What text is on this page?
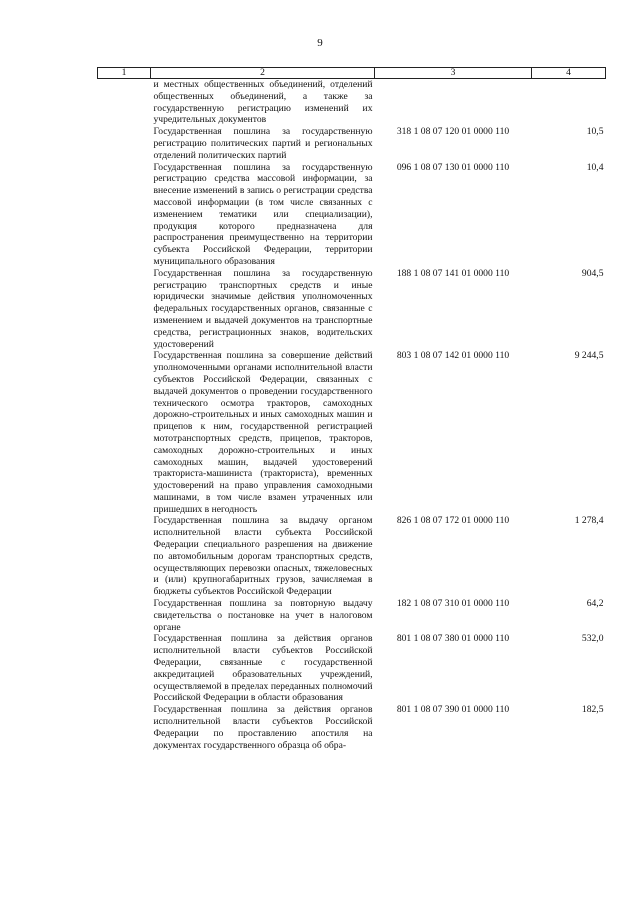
9
1	2	3	4
	и местных общественных объединений, отделений общественных объединений, а также за государственную регистрацию изменений их учредительных документов		
	Государственная пошлина за государственную регистрацию политических партий и региональных отделений политических партий	318 1 08 07 120 01 0000 110	10,5
	Государственная пошлина за государственную регистрацию средства массовой информации, за внесение изменений в запись о регистрации средства массовой информации (в том числе связанных с изменением тематики или специализации), продукция которого предназначена для распространения преимущественно на территории субъекта Российской Федерации, территории муниципального образования	096 1 08 07 130 01 0000 110	10,4
	Государственная пошлина за государственную регистрацию транспортных средств и иные юридически значимые действия уполномоченных федеральных государственных органов, связанные с изменением и выдачей документов на транспортные средства, регистрационных знаков, водительских удостоверений	188 1 08 07 141 01 0000 110	904,5
	Государственная пошлина за совершение действий уполномоченными органами исполнительной власти субъектов Российской Федерации, связанных с выдачей документов о проведении государственного технического осмотра тракторов, самоходных дорожно-строительных и иных самоходных машин и прицепов к ним, государственной регистрацией мототранспортных средств, прицепов, тракторов, самоходных дорожно-строительных и иных самоходных машин, выдачей удостоверений тракториста-машиниста (тракториста), временных удостоверений на право управления самоходными машинами, в том числе взамен утраченных или пришедших в негодность	803 1 08 07 142 01 0000 110	9 244,5
	Государственная пошлина за выдачу органом исполнительной власти субъекта Российской Федерации специального разрешения на движение по автомобильным дорогам транспортных средств, осуществляющих перевозки опасных, тяжеловесных и (или) крупногабаритных грузов, зачисляемая в бюджеты субъектов Российской Федерации	826 1 08 07 172 01 0000 110	1 278,4
	Государственная пошлина за повторную выдачу свидетельства о постановке на учет в налоговом органе	182 1 08 07 310 01 0000 110	64,2
	Государственная пошлина за действия органов исполнительной власти субъектов Российской Федерации, связанные с государственной аккредитацией образовательных учреждений, осуществляемой в пределах переданных полномочий Российской Федерации в области образования	801 1 08 07 380 01 0000 110	532,0
	Государственная пошлина за действия органов исполнительной власти субъектов Российской Федерации по проставлению апостиля на документах государственного образца об обра-	801 1 08 07 390 01 0000 110	182,5
